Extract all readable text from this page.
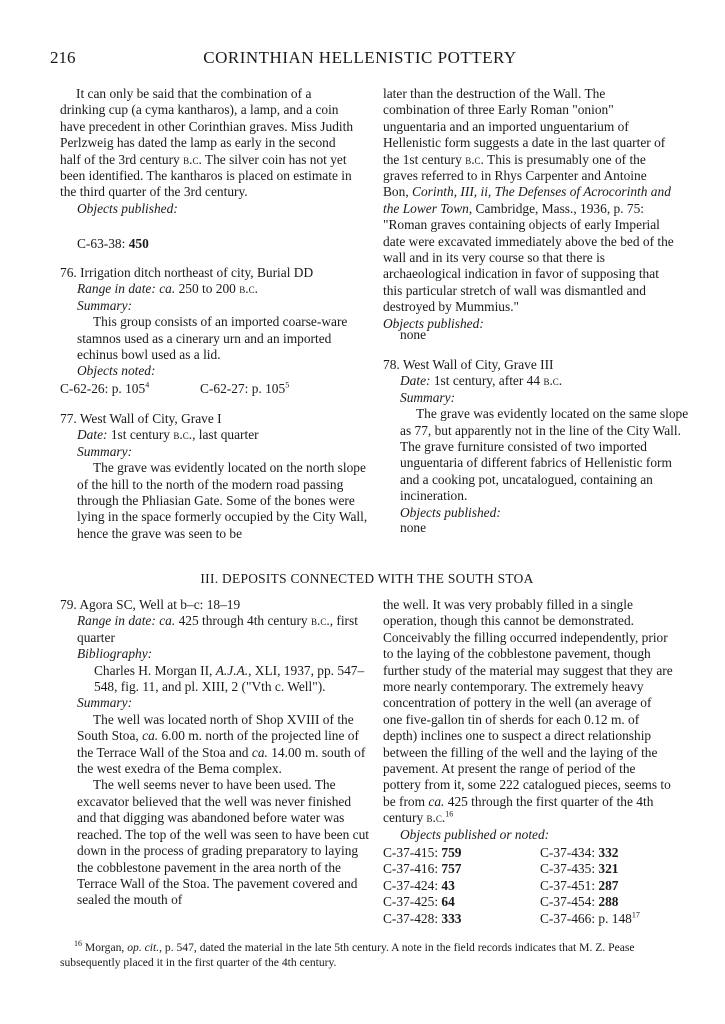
216	CORINTHIAN HELLENISTIC POTTERY

It can only be said that the combination of a drinking cup (a cyma kantharos), a lamp, and a coin have precedent in other Corinthian graves. Miss Judith Perlzweig has dated the lamp as early in the second half of the 3rd century b.c. The silver coin has not yet been identified. The kantharos is placed on estimate in the third quarter of the 3rd century.

Objects published:

C-63-38: 450

76. Irrigation ditch northeast of city, Burial DD

Range in date: ca. 250 to 200 b.c.

Summary:

This group consists of an imported coarse-ware stamnos used as a cinerary urn and an imported echinus bowl used as a lid.

Objects noted:

C-62-26: p. $105^4$	C-62-27: p. $105^5$

77. West Wall of City, Grave I

Date: 1st century b.c., last quarter

Summary:

The grave was evidently located on the north slope of the hill to the north of the modern road passing through the Phliasian Gate. Some of the bones were lying in the space formerly occupied by the City Wall, hence the grave was seen to be

79. Agora SC, Well at b–c: 18–19

Range in date: ca. 425 through 4th century b.c., first quarter

Bibliography:

Charles H. Morgan II, A.J.A., XLI, 1937, pp. 547–548, fig. 11, and pl. XIII, 2 ("Vth c. Well").

Summary:

The well was located north of Shop XVIII of the South Stoa, ca. 6.00 m. north of the projected line of the Terrace Wall of the Stoa and ca. 14.00 m. south of the west exedra of the Bema complex.

The well seems never to have been used. The excavator believed that the well was never finished and that digging was abandoned before water was reached. The top of the well was seen to have been cut down in the process of grading preparatory to laying the cobblestone pavement in the area north of the Terrace Wall of the Stoa. The pavement covered and sealed the mouth of

later than the destruction of the Wall. The combination of three Early Roman "onion" unguentaria and an imported unguentarium of Hellenistic form suggests a date in the last quarter of the 1st century b.c. This is presumably one of the graves referred to in Rhys Carpenter and Antoine Bon, Corinth, III, ii, The Defenses of Acrocorinth and the Lower Town, Cambridge, Mass., 1936, p. 75: "Roman graves containing objects of early Imperial date were excavated immediately above the bed of the wall and in its very course so that there is archaeological indication in favor of supposing that this particular stretch of wall was dismantled and destroyed by Mummius."

Objects published:

none

78. West Wall of City, Grave III

Date: 1st century, after 44 b.c.

Summary:

The grave was evidently located on the same slope as 77, but apparently not in the line of the City Wall. The grave furniture consisted of two imported unguentaria of different fabrics of Hellenistic form and a cooking pot, uncatalogued, containing an incineration.

Objects published:

none

the well. It was very probably filled in a single operation, though this cannot be demonstrated. Conceivably the filling occurred independently, prior to the laying of the cobblestone pavement, though further study of the material may suggest that they are more nearly contemporary. The extremely heavy concentration of pottery in the well (an average of one five-gallon tin of sherds for each 0.12 m. of depth) inclines one to suspect a direct relationship between the filling of the well and the laying of the pavement. At present the range of period of the pottery from it, some 222 catalogued pieces, seems to be from ca. 425 through the first quarter of the 4th century b.c.$^{16}$

Objects published or noted:

C-37-415: 759	C-37-434: 332
C-37-416: 757	C-37-435: 321
C-37-424: 43	C-37-451: 287
C-37-425: 64	C-37-454: 288
C-37-428: 333	C-37-466: p. $148^{17}$
III. DEPOSITS CONNECTED WITH THE SOUTH STOA

$^{16}$ Morgan, op. cit., p. 547, dated the material in the late 5th century. A note in the field records indicates that M. Z. Pease subsequently placed it in the first quarter of the 4th century.
